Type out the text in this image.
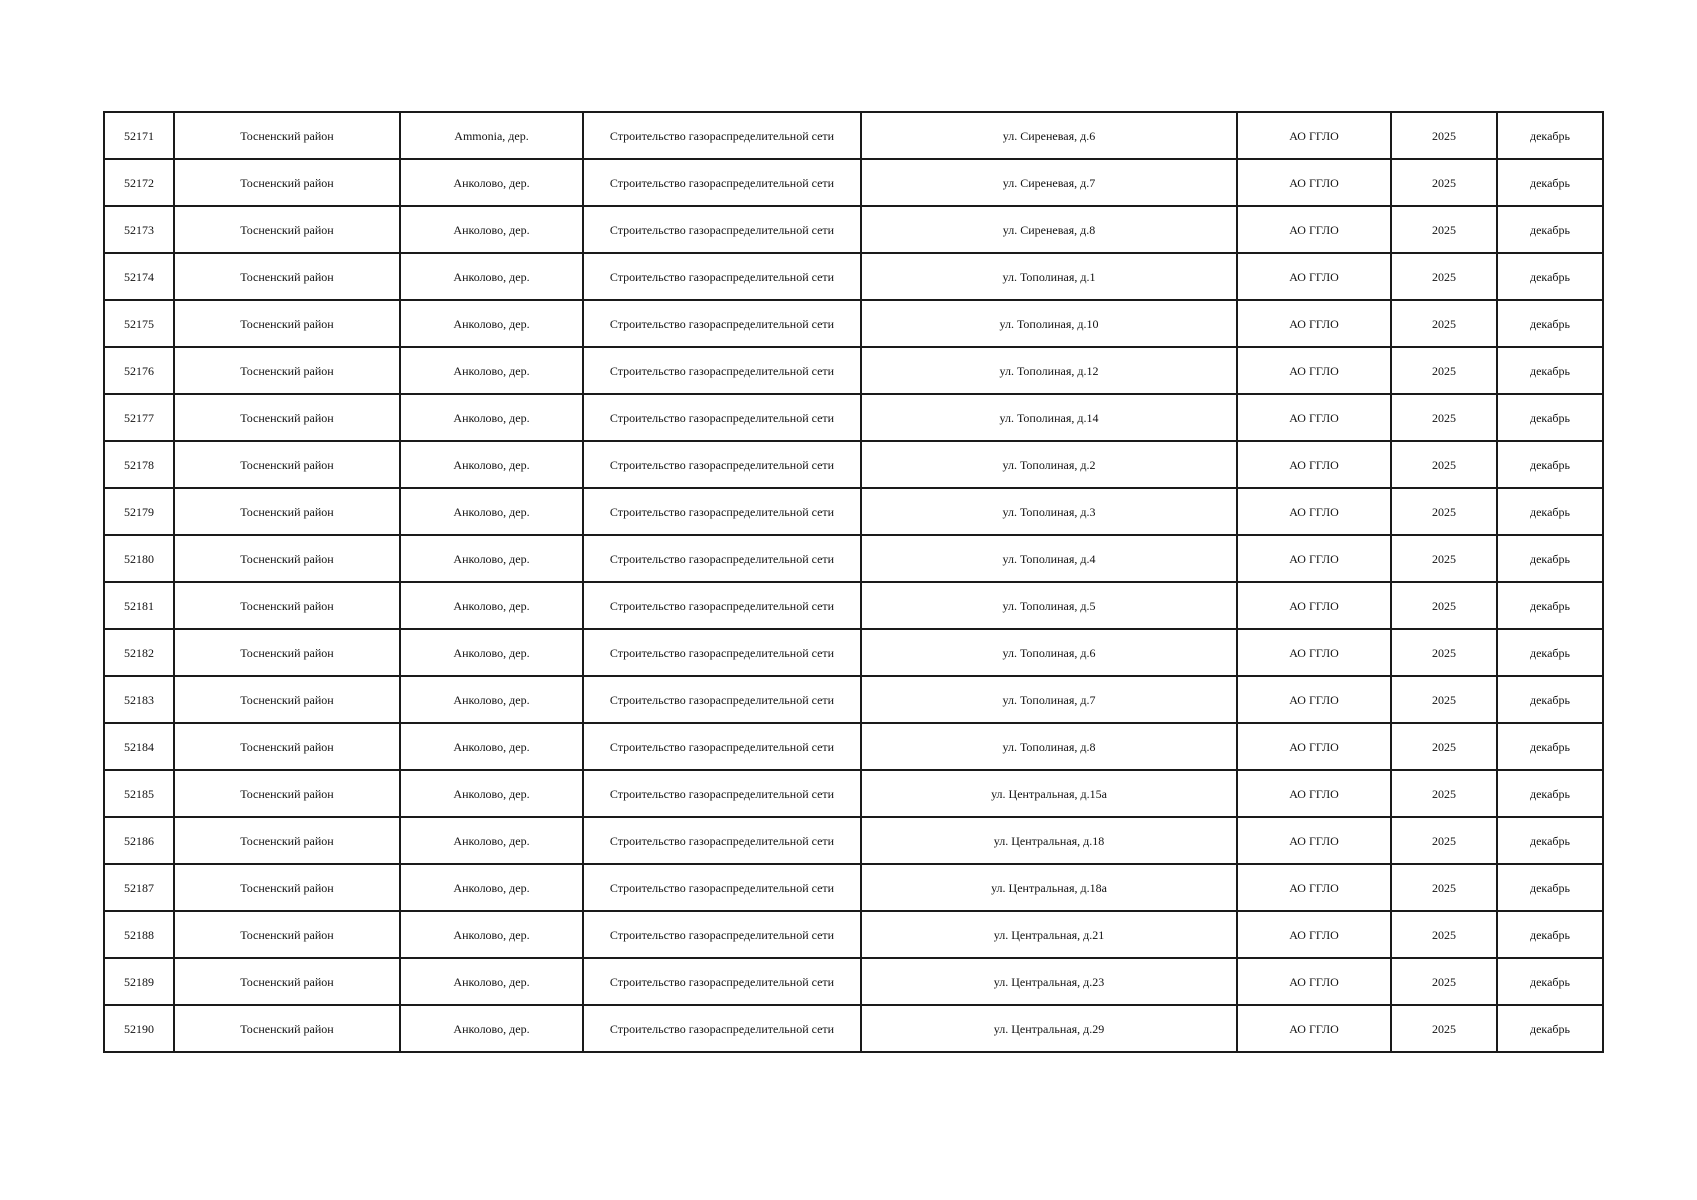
52171	Тосненский район	Ammonia, дер.	Строительство газораспределительной сети	ул. Сиреневая, д.6	АО ГГЛО	2025	декабрь
52172	Тосненский район	Анколово, дер.	Строительство газораспределительной сети	ул. Сиреневая, д.7	АО ГГЛО	2025	декабрь
52173	Тосненский район	Анколово, дер.	Строительство газораспределительной сети	ул. Сиреневая, д.8	АО ГГЛО	2025	декабрь
52174	Тосненский район	Анколово, дер.	Строительство газораспределительной сети	ул. Тополиная, д.1	АО ГГЛО	2025	декабрь
52175	Тосненский район	Анколово, дер.	Строительство газораспределительной сети	ул. Тополиная, д.10	АО ГГЛО	2025	декабрь
52176	Тосненский район	Анколово, дер.	Строительство газораспределительной сети	ул. Тополиная, д.12	АО ГГЛО	2025	декабрь
52177	Тосненский район	Анколово, дер.	Строительство газораспределительной сети	ул. Тополиная, д.14	АО ГГЛО	2025	декабрь
52178	Тосненский район	Анколово, дер.	Строительство газораспределительной сети	ул. Тополиная, д.2	АО ГГЛО	2025	декабрь
52179	Тосненский район	Анколово, дер.	Строительство газораспределительной сети	ул. Тополиная, д.3	АО ГГЛО	2025	декабрь
52180	Тосненский район	Анколово, дер.	Строительство газораспределительной сети	ул. Тополиная, д.4	АО ГГЛО	2025	декабрь
52181	Тосненский район	Анколово, дер.	Строительство газораспределительной сети	ул. Тополиная, д.5	АО ГГЛО	2025	декабрь
52182	Тосненский район	Анколово, дер.	Строительство газораспределительной сети	ул. Тополиная, д.6	АО ГГЛО	2025	декабрь
52183	Тосненский район	Анколово, дер.	Строительство газораспределительной сети	ул. Тополиная, д.7	АО ГГЛО	2025	декабрь
52184	Тосненский район	Анколово, дер.	Строительство газораспределительной сети	ул. Тополиная, д.8	АО ГГЛО	2025	декабрь
52185	Тосненский район	Анколово, дер.	Строительство газораспределительной сети	ул. Центральная, д.15а	АО ГГЛО	2025	декабрь
52186	Тосненский район	Анколово, дер.	Строительство газораспределительной сети	ул. Центральная, д.18	АО ГГЛО	2025	декабрь
52187	Тосненский район	Анколово, дер.	Строительство газораспределительной сети	ул. Центральная, д.18а	АО ГГЛО	2025	декабрь
52188	Тосненский район	Анколово, дер.	Строительство газораспределительной сети	ул. Центральная, д.21	АО ГГЛО	2025	декабрь
52189	Тосненский район	Анколово, дер.	Строительство газораспределительной сети	ул. Центральная, д.23	АО ГГЛО	2025	декабрь
52190	Тосненский район	Анколово, дер.	Строительство газораспределительной сети	ул. Центральная, д.29	АО ГГЛО	2025	декабрь
